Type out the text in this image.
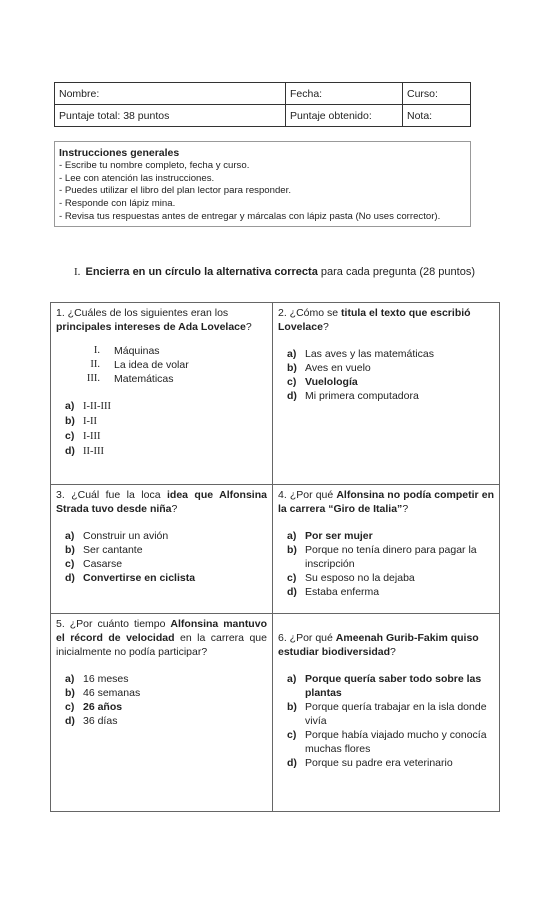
Nombre:	Fecha:	Curso:
Puntaje total: 38 puntos	Puntaje obtenido:	Nota:
Instrucciones generales
- Escribe tu nombre completo, fecha y curso.
- Lee con atención las instrucciones.
- Puedes utilizar el libro del plan lector para responder.
- Responde con lápiz mina.
- Revisa tus respuestas antes de entregar y márcalas con lápiz pasta (No uses corrector).
I. Encierra en un círculo la alternativa correcta para cada pregunta (28 puntos)
1. ¿Cuáles de los siguientes eran los principales intereses de Ada Lovelace?
I. Máquinas
II. La idea de volar
III. Matemáticas
a) I-II-III
b) I-II
c) I-III
d) II-III
2. ¿Cómo se titula el texto que escribió Lovelace?
a) Las aves y las matemáticas
b) Aves en vuelo
c) Vuelología
d) Mi primera computadora
3. ¿Cuál fue la loca idea que Alfonsina Strada tuvo desde niña?
a) Construir un avión
b) Ser cantante
c) Casarse
d) Convertirse en ciclista
4. ¿Por qué Alfonsina no podía competir en la carrera “Giro de Italia”?
a) Por ser mujer
b) Porque no tenía dinero para pagar la inscripción
c) Su esposo no la dejaba
d) Estaba enferma
5. ¿Por cuánto tiempo Alfonsina mantuvo el récord de velocidad en la carrera que inicialmente no podía participar?
a) 16 meses
b) 46 semanas
c) 26 años
d) 36 días
6. ¿Por qué Ameenah Gurib-Fakim quiso estudiar biodiversidad?
a) Porque quería saber todo sobre las plantas
b) Porque quería trabajar en la isla donde vivía
c) Porque había viajado mucho y conocía muchas flores
d) Porque su padre era veterinario
